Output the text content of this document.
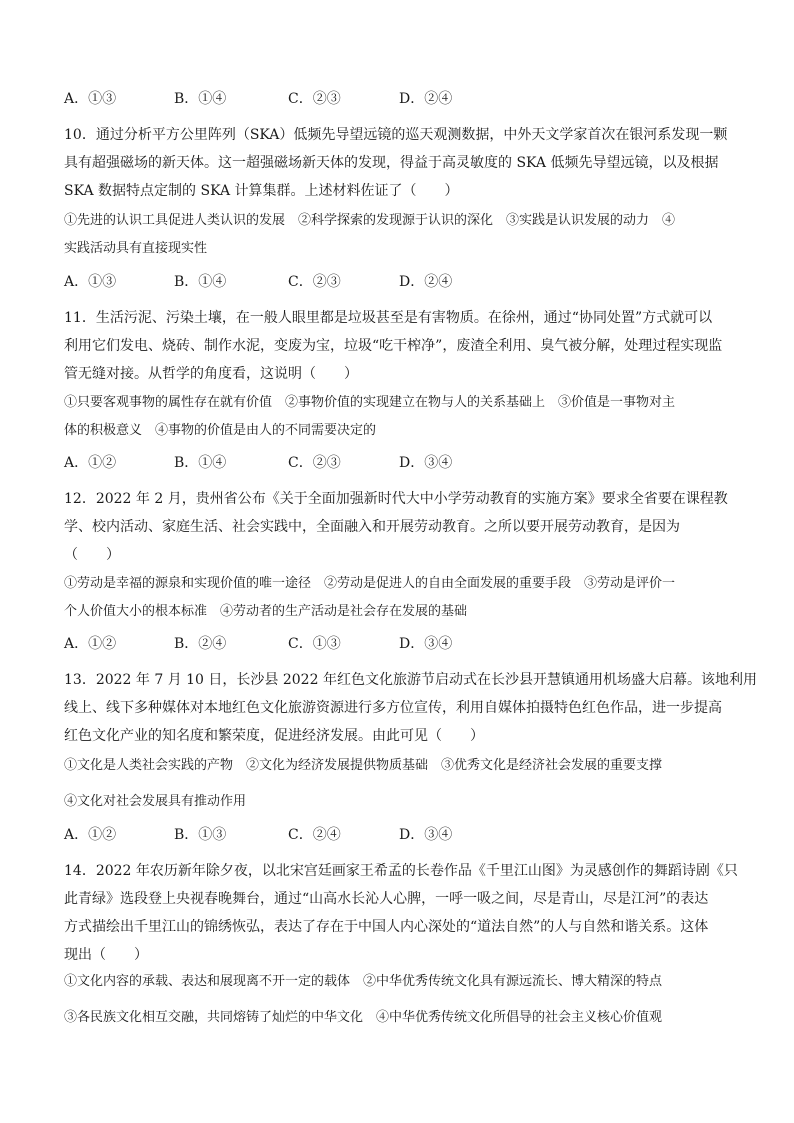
A．①③	B．①④	C．②③	D．②④
10．通过分析平方公里阵列（SKA）低频先导望远镜的巡天观测数据，中外天文学家首次在银河系发现一颗
具有超强磁场的新天体。这一超强磁场新天体的发现，得益于高灵敏度的 SKA 低频先导望远镜，以及根据
SKA 数据特点定制的 SKA 计算集群。上述材料佐证了（　　）
①先进的认识工具促进人类认识的发展　②科学探索的发现源于认识的深化　③实践是认识发展的动力　④
实践活动具有直接现实性
A．①③	B．①④	C．②③	D．②④
11．生活污泥、污染土壤，在一般人眼里都是垃圾甚至是有害物质。在徐州，通过“协同处置”方式就可以
利用它们发电、烧砖、制作水泥，变废为宝，垃圾“吃干榨净”，废渣全利用、臭气被分解，处理过程实现监
管无缝对接。从哲学的角度看，这说明（　　）
①只要客观事物的属性存在就有价值　②事物价值的实现建立在物与人的关系基础上　③价值是一事物对主
体的积极意义　④事物的价值是由人的不同需要决定的
A．①②	B．①④	C．②③	D．③④
12．2022 年 2 月，贵州省公布《关于全面加强新时代大中小学劳动教育的实施方案》要求全省要在课程教
学、校内活动、家庭生活、社会实践中，全面融入和开展劳动教育。之所以要开展劳动教育，是因为
（　　）
①劳动是幸福的源泉和实现价值的唯一途径　②劳动是促进人的自由全面发展的重要手段　③劳动是评价一
个人价值大小的根本标准　④劳动者的生产活动是社会存在发展的基础
A．①②	B．②④	C．①③	D．③④
13．2022 年 7 月 10 日，长沙县 2022 年红色文化旅游节启动式在长沙县开慧镇通用机场盛大启幕。该地利用
线上、线下多种媒体对本地红色文化旅游资源进行多方位宣传，利用自媒体拍摄特色红色作品，进一步提高
红色文化产业的知名度和繁荣度，促进经济发展。由此可见（　　）
①文化是人类社会实践的产物　②文化为经济发展提供物质基础　③优秀文化是经济社会发展的重要支撑
④文化对社会发展具有推动作用
A．①②	B．①③	C．②④	D．③④
14．2022 年农历新年除夕夜，以北宋宫廷画家王希孟的长卷作品《千里江山图》为灵感创作的舞蹈诗剧《只
此青绿》选段登上央视春晚舞台，通过“山高水长沁人心脾，一呼一吸之间，尽是青山，尽是江河”的表达
方式描绘出千里江山的锦绣恢弘，表达了存在于中国人内心深处的“道法自然”的人与自然和谐关系。这体
现出（　　）
①文化内容的承载、表达和展现离不开一定的载体　②中华优秀传统文化具有源远流长、博大精深的特点
③各民族文化相互交融，共同熔铸了灿烂的中华文化　④中华优秀传统文化所倡导的社会主义核心价值观
